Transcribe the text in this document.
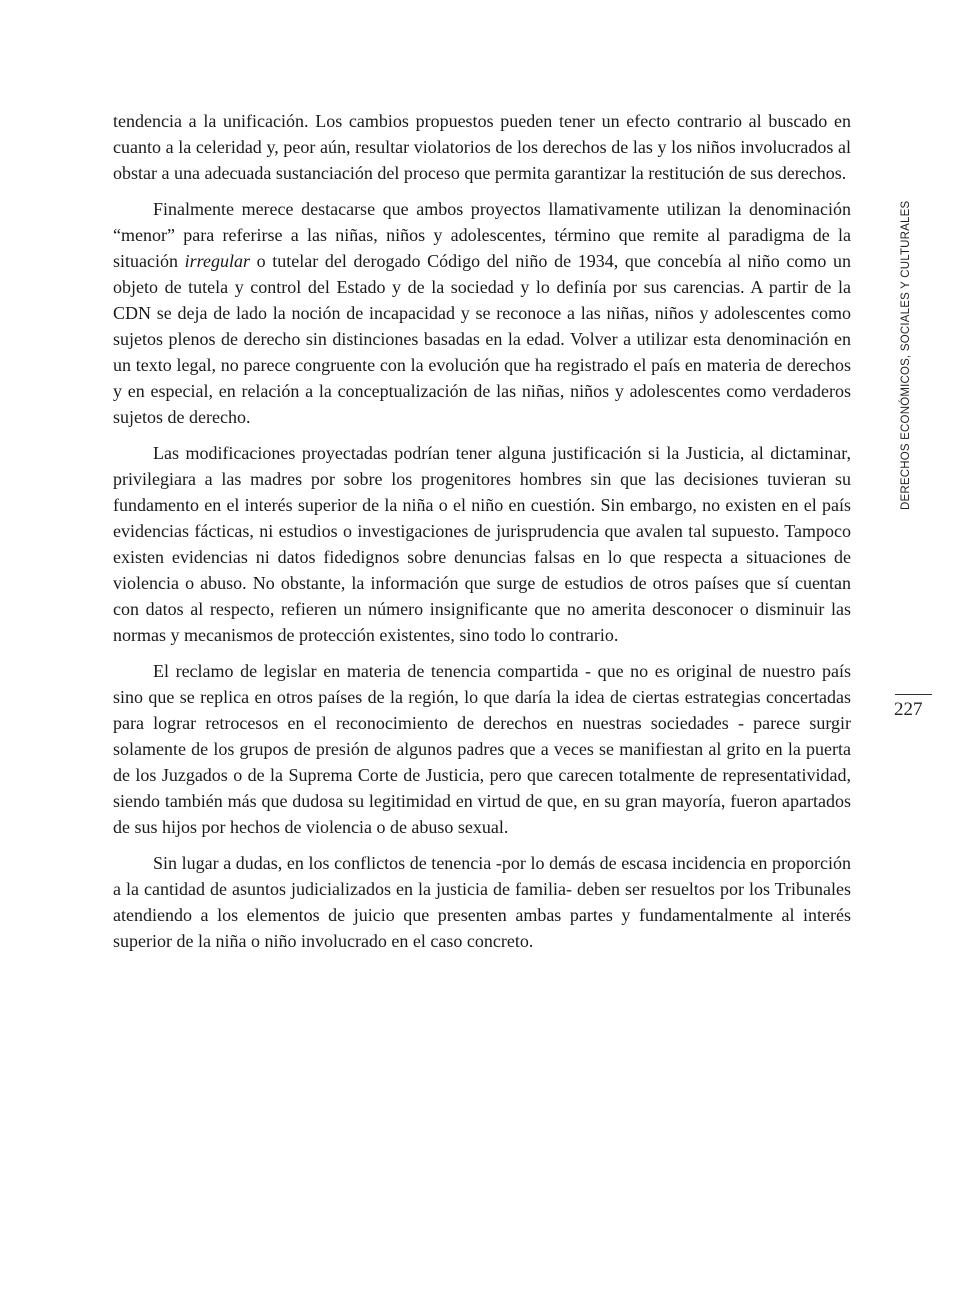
tendencia a la unificación. Los cambios propuestos pueden tener un efecto contrario al buscado en cuanto a la celeridad y, peor aún, resultar violatorios de los derechos de las y los niños involucrados al obstar a una adecuada sustanciación del proceso que permita garantizar la restitución de sus derechos.

Finalmente merece destacarse que ambos proyectos llamativamente utilizan la denominación “menor” para referirse a las niñas, niños y adolescentes, término que remite al paradigma de la situación irregular o tutelar del derogado Código del niño de 1934, que concebía al niño como un objeto de tutela y control del Estado y de la sociedad y lo definía por sus carencias. A partir de la CDN se deja de lado la noción de incapacidad y se reconoce a las niñas, niños y adolescentes como sujetos plenos de derecho sin distinciones basadas en la edad. Volver a utilizar esta denominación en un texto legal, no parece congruente con la evolución que ha registrado el país en materia de derechos y en especial, en relación a la conceptualización de las niñas, niños y adolescentes como verdaderos sujetos de derecho.

Las modificaciones proyectadas podrían tener alguna justificación si la Justicia, al dictaminar, privilegiara a las madres por sobre los progenitores hombres sin que las decisiones tuvieran su fundamento en el interés superior de la niña o el niño en cuestión. Sin embargo, no existen en el país evidencias fácticas, ni estudios o investigaciones de jurisprudencia que avalen tal supuesto. Tampoco existen evidencias ni datos fidedignos sobre denuncias falsas en lo que respecta a situaciones de violencia o abuso. No obstante, la información que surge de estudios de otros países que sí cuentan con datos al respecto, refieren un número insignificante que no amerita desconocer o disminuir las normas y mecanismos de protección existentes, sino todo lo contrario.

El reclamo de legislar en materia de tenencia compartida - que no es original de nuestro país sino que se replica en otros países de la región, lo que daría la idea de ciertas estrategias concertadas para lograr retrocesos en el reconocimiento de derechos en nuestras sociedades - parece surgir solamente de los grupos de presión de algunos padres que a veces se manifiestan al grito en la puerta de los Juzgados o de la Suprema Corte de Justicia, pero que carecen totalmente de representatividad, siendo también más que dudosa su legitimidad en virtud de que, en su gran mayoría, fueron apartados de sus hijos por hechos de violencia o de abuso sexual.

Sin lugar a dudas, en los conflictos de tenencia -por lo demás de escasa incidencia en proporción a la cantidad de asuntos judicializados en la justicia de familia- deben ser resueltos por los Tribunales atendiendo a los elementos de juicio que presenten ambas partes y fundamentalmente al interés superior de la niña o niño involucrado en el caso concreto.

DERECHOS ECONÓMICOS, SOCIALES Y CULTURALES
227
